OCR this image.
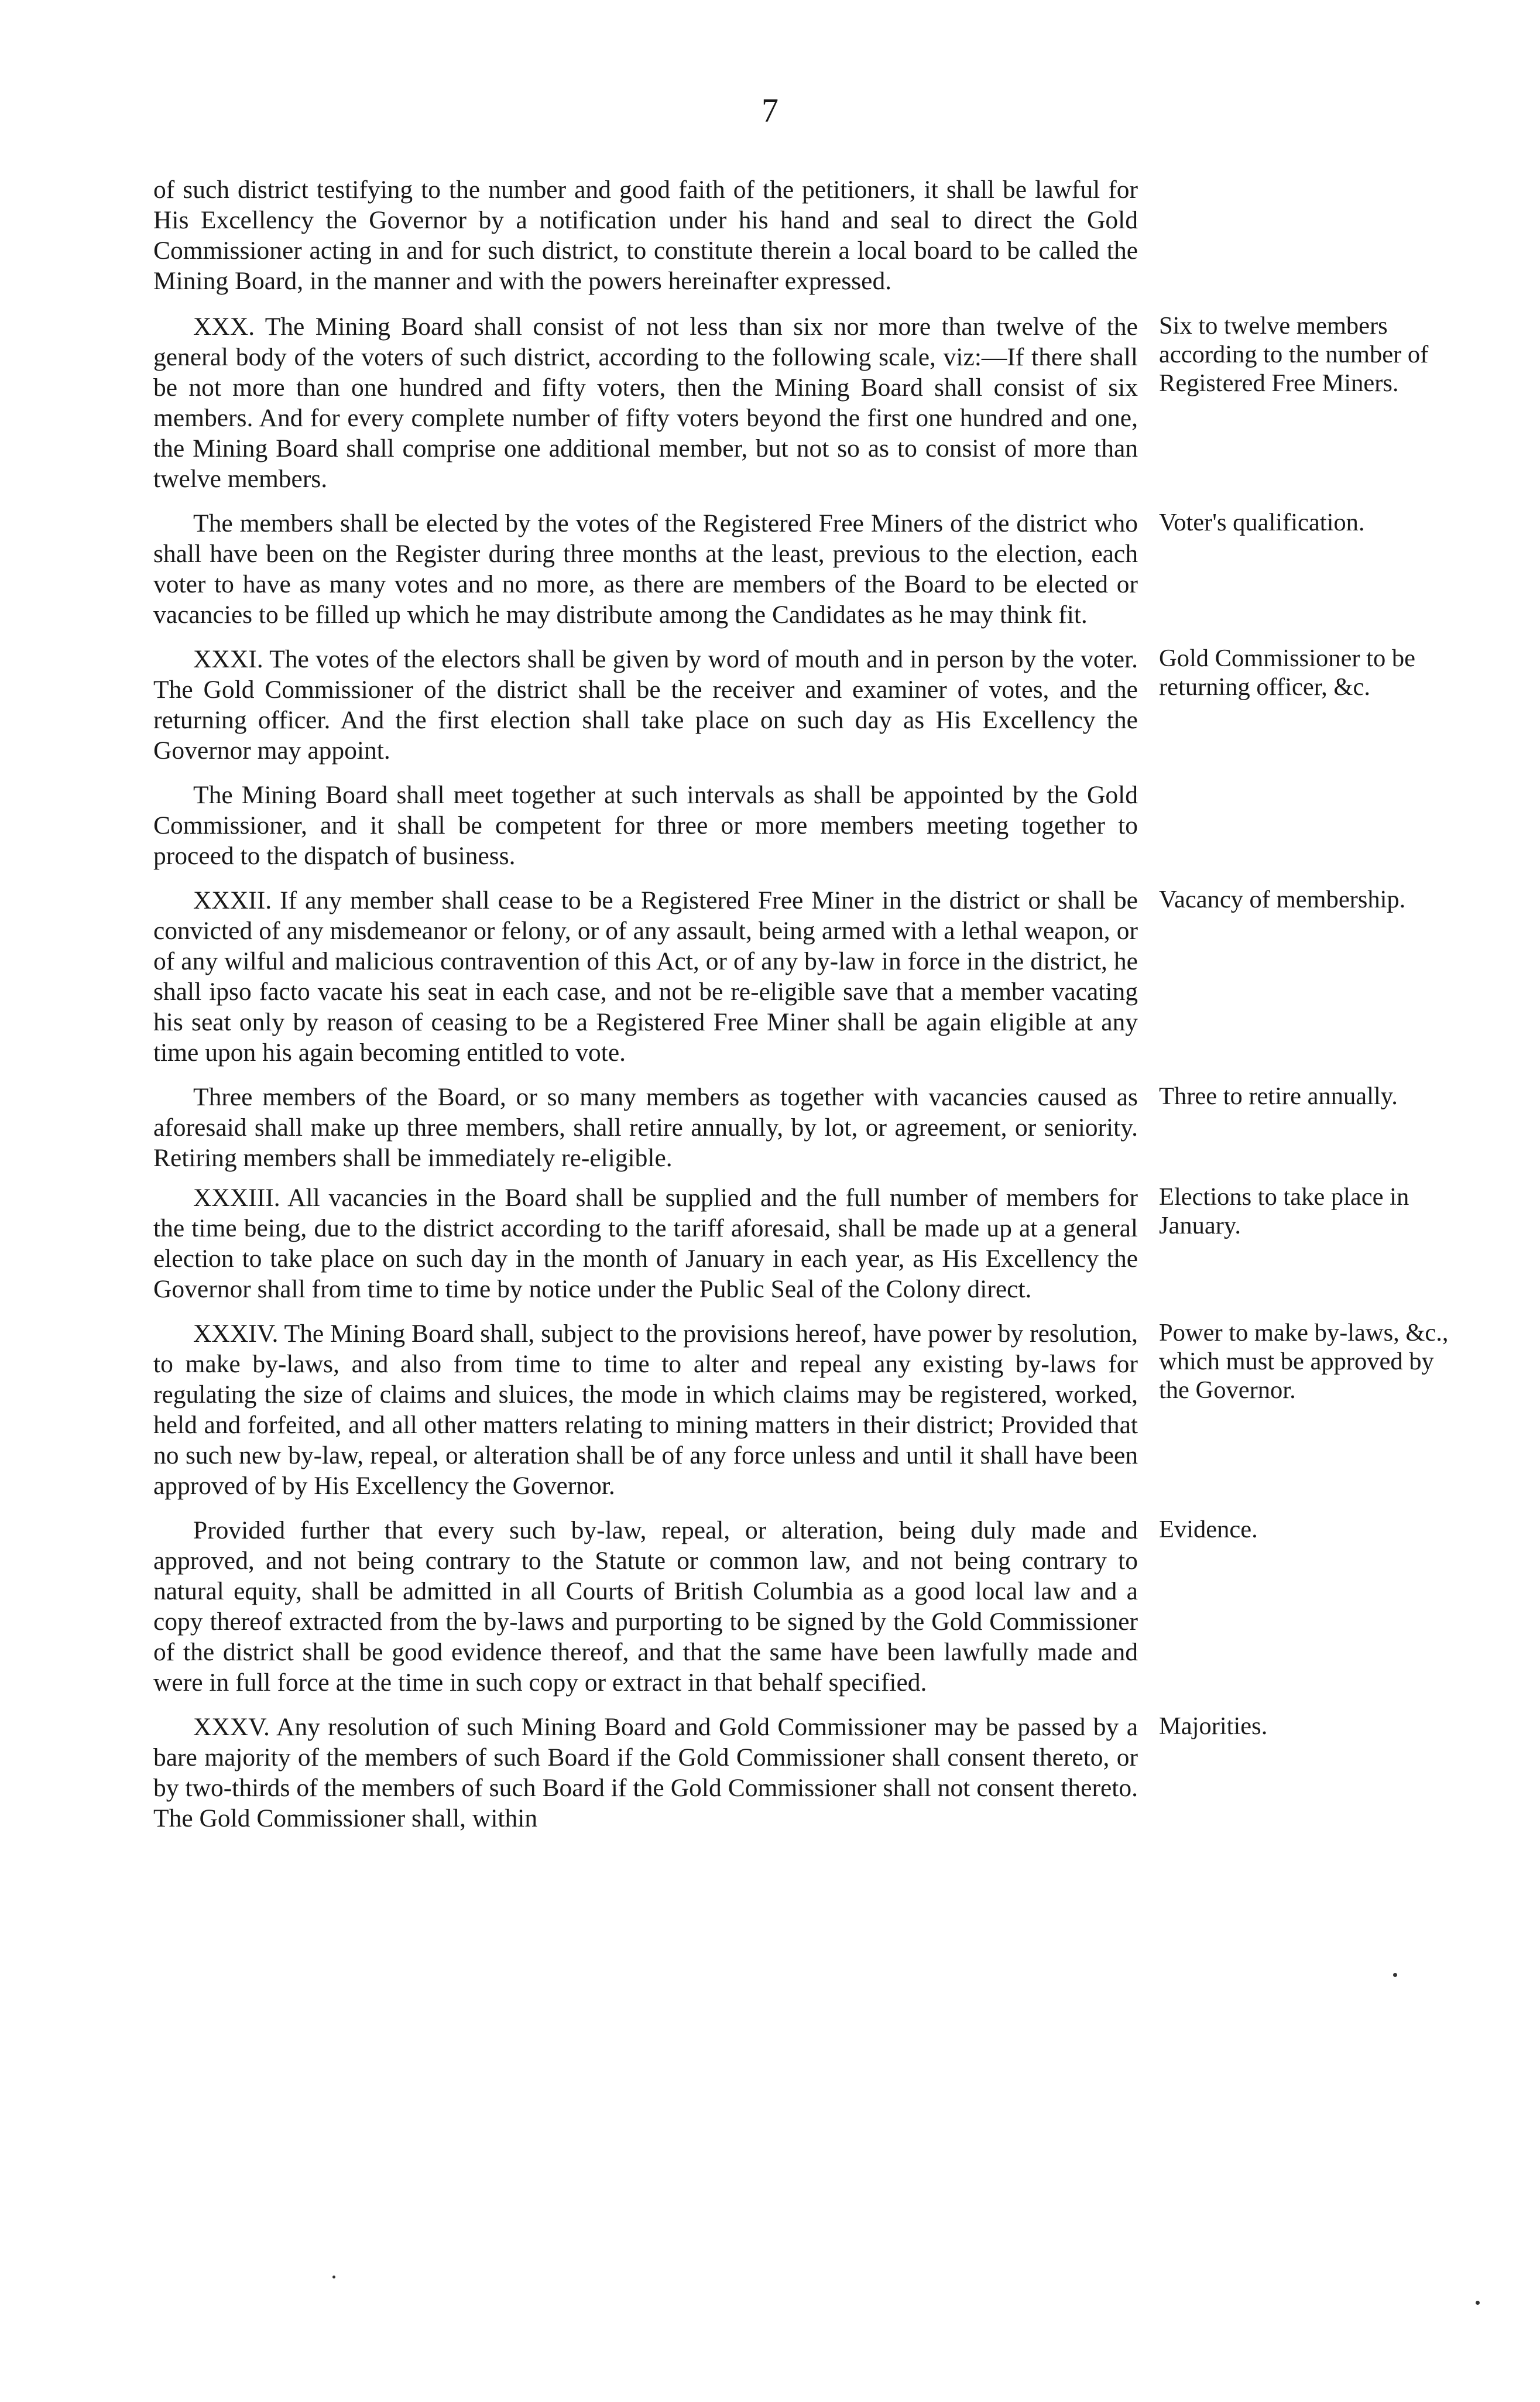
7
of such district testifying to the number and good faith of the petitioners, it shall be lawful for His Excellency the Governor by a notification under his hand and seal to direct the Gold Commissioner acting in and for such district, to constitute therein a local board to be called the Mining Board, in the manner and with the powers hereinafter expressed.
XXX. The Mining Board shall consist of not less than six nor more than twelve of the general body of the voters of such district, according to the following scale, viz:—If there shall be not more than one hundred and fifty voters, then the Mining Board shall consist of six members. And for every complete number of fifty voters beyond the first one hundred and one, the Mining Board shall comprise one additional member, but not so as to consist of more than twelve members.
Six to twelve members according to the number of Registered Free Miners.
The members shall be elected by the votes of the Registered Free Miners of the district who shall have been on the Register during three months at the least, previous to the election, each voter to have as many votes and no more, as there are members of the Board to be elected or vacancies to be filled up which he may distribute among the Candidates as he may think fit.
Voter's qualification.
XXXI. The votes of the electors shall be given by word of mouth and in person by the voter. The Gold Commissioner of the district shall be the receiver and examiner of votes, and the returning officer. And the first election shall take place on such day as His Excellency the Governor may appoint.
Gold Commissioner to be returning officer, &c.
The Mining Board shall meet together at such intervals as shall be appointed by the Gold Commissioner, and it shall be competent for three or more members meeting together to proceed to the dispatch of business.
XXXII. If any member shall cease to be a Registered Free Miner in the district or shall be convicted of any misdemeanor or felony, or of any assault, being armed with a lethal weapon, or of any wilful and malicious contravention of this Act, or of any by-law in force in the district, he shall ipso facto vacate his seat in each case, and not be re-eligible save that a member vacating his seat only by reason of ceasing to be a Registered Free Miner shall be again eligible at any time upon his again becoming entitled to vote.
Vacancy of membership.
Three members of the Board, or so many members as together with vacancies caused as aforesaid shall make up three members, shall retire annually, by lot, or agreement, or seniority. Retiring members shall be immediately re-eligible.
Three to retire annually.
XXXIII. All vacancies in the Board shall be supplied and the full number of members for the time being, due to the district according to the tariff aforesaid, shall be made up at a general election to take place on such day in the month of January in each year, as His Excellency the Governor shall from time to time by notice under the Public Seal of the Colony direct.
Elections to take place in January.
XXXIV. The Mining Board shall, subject to the provisions hereof, have power by resolution, to make by-laws, and also from time to time to alter and repeal any existing by-laws for regulating the size of claims and sluices, the mode in which claims may be registered, worked, held and forfeited, and all other matters relating to mining matters in their district; Provided that no such new by-law, repeal, or alteration shall be of any force unless and until it shall have been approved of by His Excellency the Governor.
Power to make by-laws, &c., which must be approved by the Governor.
Provided further that every such by-law, repeal, or alteration, being duly made and approved, and not being contrary to the Statute or common law, and not being contrary to natural equity, shall be admitted in all Courts of British Columbia as a good local law and a copy thereof extracted from the by-laws and purporting to be signed by the Gold Commissioner of the district shall be good evidence thereof, and that the same have been lawfully made and were in full force at the time in such copy or extract in that behalf specified.
Evidence.
XXXV. Any resolution of such Mining Board and Gold Commissioner may be passed by a bare majority of the members of such Board if the Gold Commissioner shall consent thereto, or by two-thirds of the members of such Board if the Gold Commissioner shall not consent thereto. The Gold Commissioner shall, within
Majorities.
